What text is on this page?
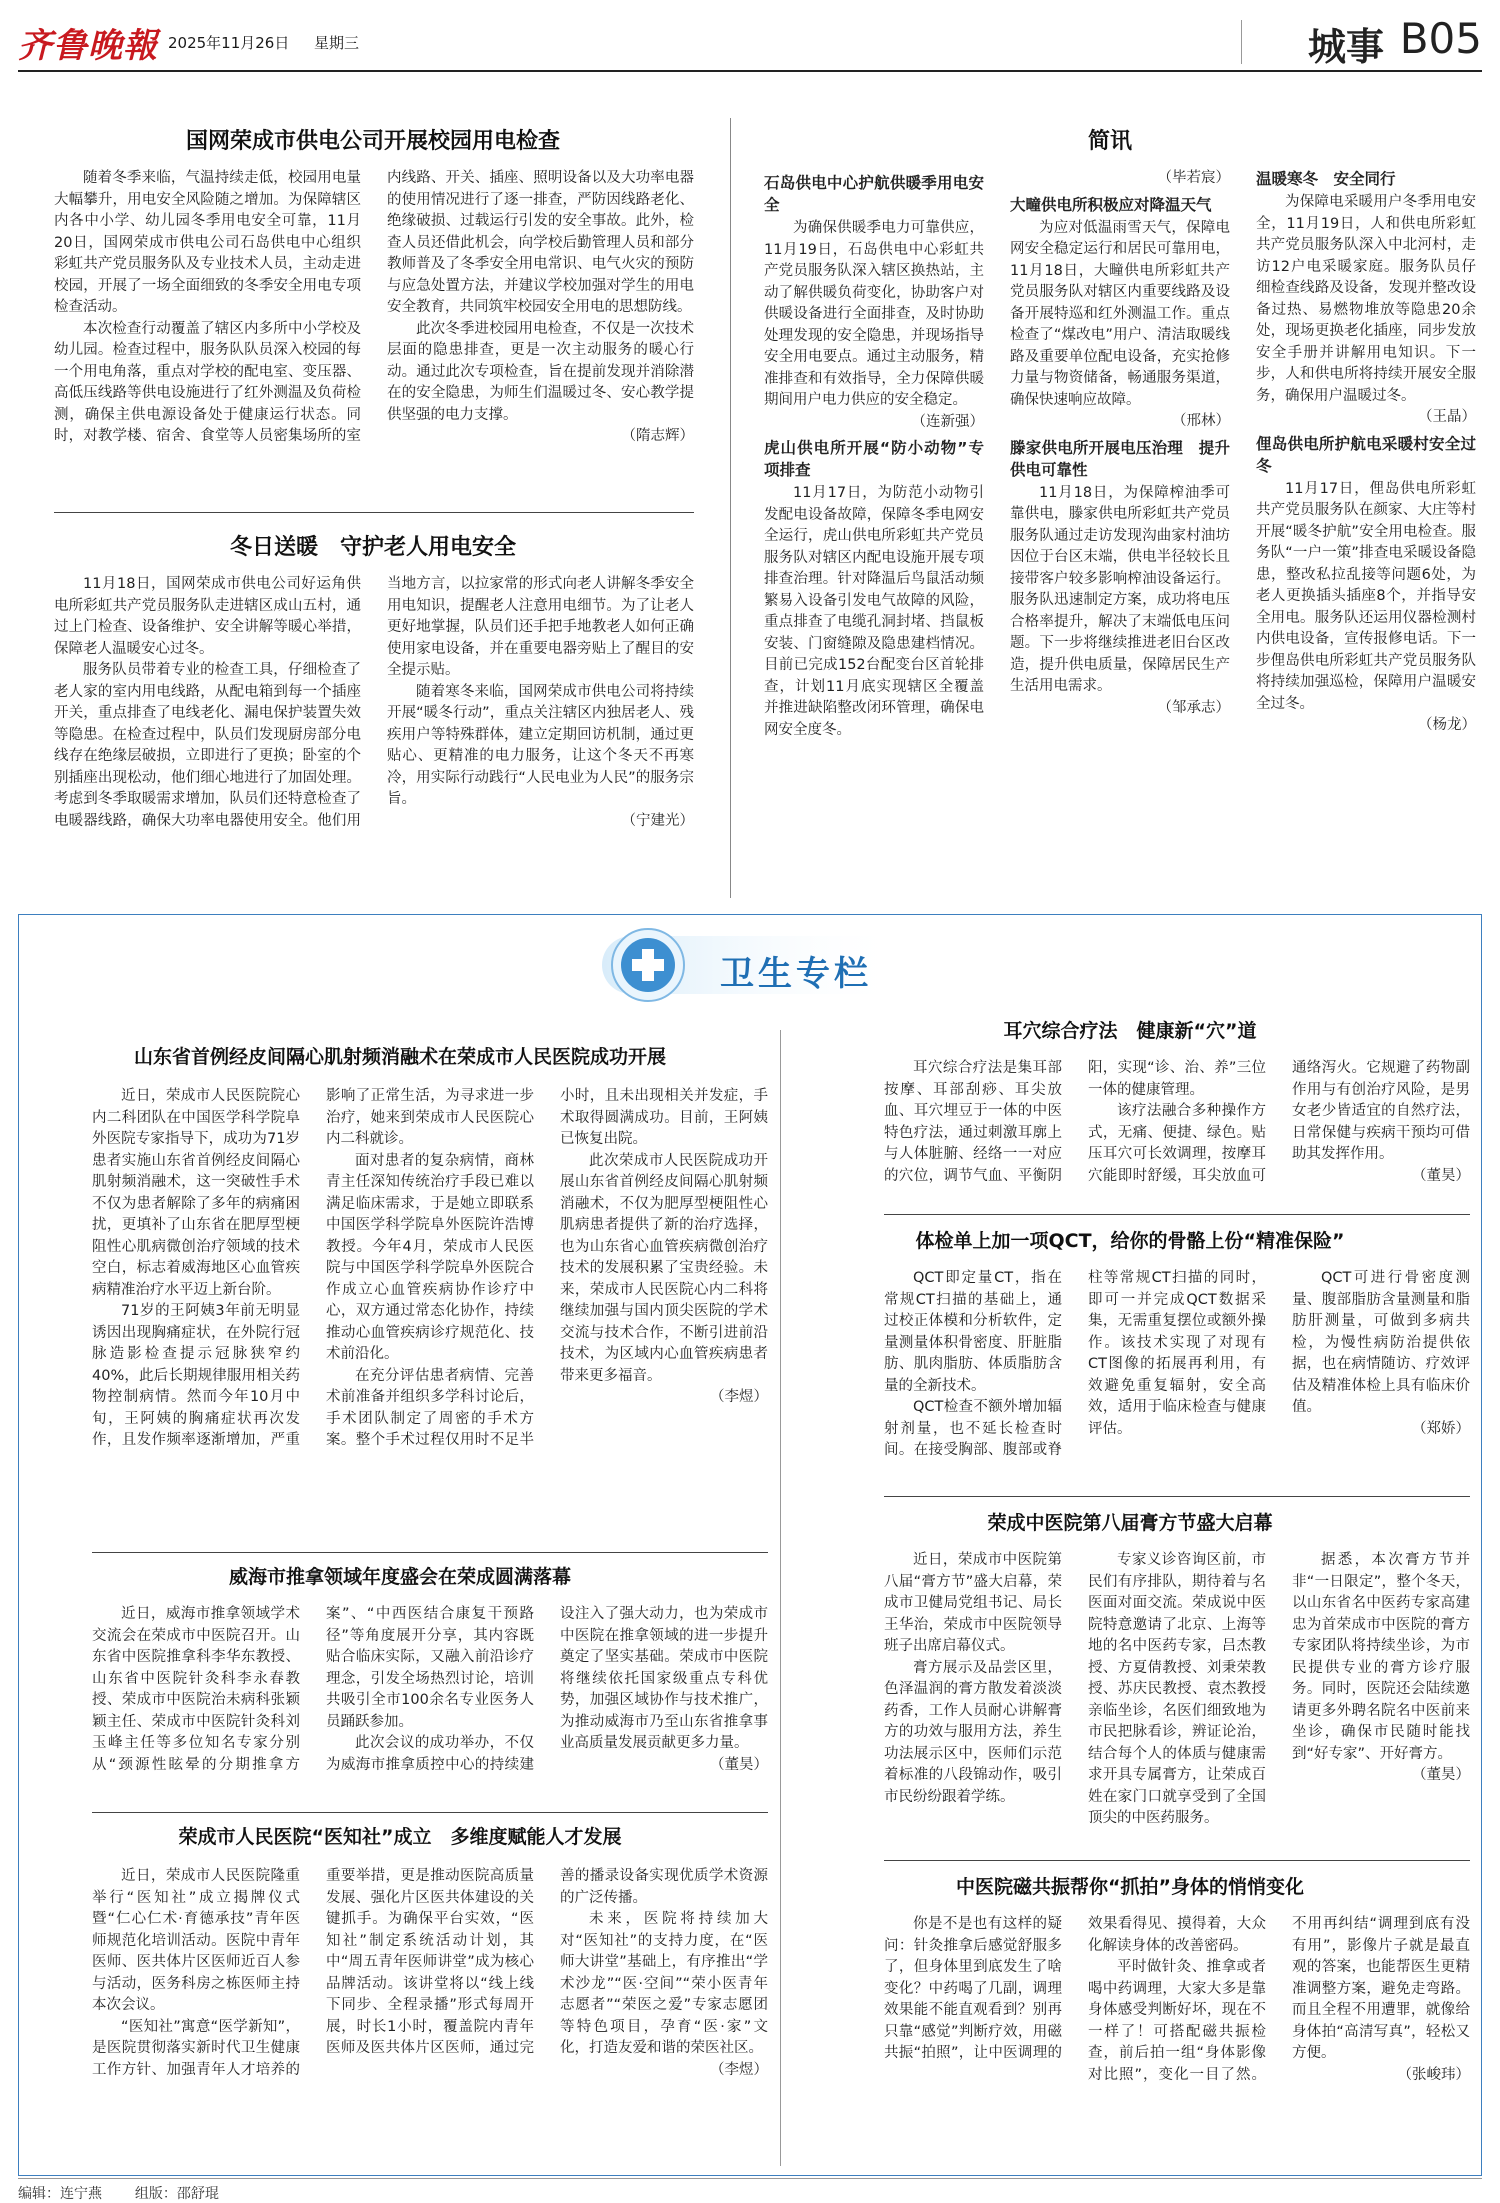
齐鲁晚報 2025年11月26日 星期三	城事 B05
国网荣成市供电公司开展校园用电检查

随着冬季来临，气温持续走低，校园用电量大幅攀升，用电安全风险随之增加。为保障辖区内各中小学、幼儿园冬季用电安全可靠，11月20日，国网荣成市供电公司石岛供电中心组织彩虹共产党员服务队及专业技术人员，主动走进校园，开展了一场全面细致的冬季安全用电专项检查活动。

本次检查行动覆盖了辖区内多所中小学校及幼儿园。检查过程中，服务队队员深入校园的每一个用电角落，重点对学校的配电室、变压器、高低压线路等供电设施进行了红外测温及负荷检测，确保主供电源设备处于健康运行状态。同时，对教学楼、宿舍、食堂等人员密集场所的室内线路、开关、插座、照明设备以及大功率电器的使用情况进行了逐一排查，严防因线路老化、绝缘破损、过载运行引发的安全事故。此外，检查人员还借此机会，向学校后勤管理人员和部分教师普及了冬季安全用电常识、电气火灾的预防与应急处置方法，并建议学校加强对学生的用电安全教育，共同筑牢校园安全用电的思想防线。

此次冬季进校园用电检查，不仅是一次技术层面的隐患排查，更是一次主动服务的暖心行动。通过此次专项检查，旨在提前发现并消除潜在的安全隐患，为师生们温暖过冬、安心教学提供坚强的电力支撑。

（隋志辉）
冬日送暖　守护老人用电安全

11月18日，国网荣成市供电公司好运角供电所彩虹共产党员服务队走进辖区成山五村，通过上门检查、设备维护、安全讲解等暖心举措，保障老人温暖安心过冬。

服务队员带着专业的检查工具，仔细检查了老人家的室内用电线路，从配电箱到每一个插座开关，重点排查了电线老化、漏电保护装置失效等隐患。在检查过程中，队员们发现厨房部分电线存在绝缘层破损，立即进行了更换；卧室的个别插座出现松动，他们细心地进行了加固处理。考虑到冬季取暖需求增加，队员们还特意检查了电暖器线路，确保大功率电器使用安全。他们用当地方言，以拉家常的形式向老人讲解冬季安全用电知识，提醒老人注意用电细节。为了让老人更好地掌握，队员们还手把手地教老人如何正确使用家电设备，并在重要电器旁贴上了醒目的安全提示贴。

随着寒冬来临，国网荣成市供电公司将持续开展“暖冬行动”，重点关注辖区内独居老人、残疾用户等特殊群体，建立定期回访机制，通过更贴心、更精准的电力服务，让这个冬天不再寒冷，用实际行动践行“人民电业为人民”的服务宗旨。

（宁建光）
简讯
石岛供电中心护航供暖季用电安全

为确保供暖季电力可靠供应，11月19日，石岛供电中心彩虹共产党员服务队深入辖区换热站，主动了解供暖负荷变化，协助客户对供暖设备进行全面排查，及时协助处理发现的安全隐患，并现场指导安全用电要点。通过主动服务，精准排查和有效指导，全力保障供暖期间用户电力供应的安全稳定。

（连新强）
虎山供电所开展“防小动物”专项排查

11月17日，为防范小动物引发配电设备故障，保障冬季电网安全运行，虎山供电所彩虹共产党员服务队对辖区内配电设施开展专项排查治理。针对降温后鸟鼠活动频繁易入设备引发电气故障的风险，重点排查了电缆孔洞封堵、挡鼠板安装、门窗缝隙及隐患建档情况。目前已完成152台配变台区首轮排查，计划11月底实现辖区全覆盖并推进缺陷整改闭环管理，确保电网安全度冬。

（毕若宸）
大疃供电所积极应对降温天气

为应对低温雨雪天气，保障电网安全稳定运行和居民可靠用电，11月18日，大疃供电所彩虹共产党员服务队对辖区内重要线路及设备开展特巡和红外测温工作。重点检查了“煤改电”用户、清洁取暖线路及重要单位配电设备，充实抢修力量与物资储备，畅通服务渠道，确保快速响应故障。

（邢林）
滕家供电所开展电压治理　提升供电可靠性

11月18日，为保障榨油季可靠供电，滕家供电所彩虹共产党员服务队通过走访发现沟曲家村油坊因位于台区末端，供电半径较长且接带客户较多影响榨油设备运行。服务队迅速制定方案，成功将电压合格率提升，解决了末端低电压问题。下一步将继续推进老旧台区改造，提升供电质量，保障居民生产生活用电需求。

（邹承志）
温暖寒冬　安全同行

为保障电采暖用户冬季用电安全，11月19日，人和供电所彩虹共产党员服务队深入中北河村，走访12户电采暖家庭。服务队员仔细检查线路及设备，发现并整改设备过热、易燃物堆放等隐患20余处，现场更换老化插座，同步发放安全手册并讲解用电知识。下一步，人和供电所将持续开展安全服务，确保用户温暖过冬。

（王晶）
俚岛供电所护航电采暖村安全过冬

11月17日，俚岛供电所彩虹共产党员服务队在颜家、大庄等村开展“暖冬护航”安全用电检查。服务队“一户一策”排查电采暖设备隐患，整改私拉乱接等问题6处，为老人更换插头插座8个，并指导安全用电。服务队还运用仪器检测村内供电设备，宣传报修电话。下一步俚岛供电所彩虹共产党员服务队将持续加强巡检，保障用户温暖安全过冬。

（杨龙）
卫生专栏
山东省首例经皮间隔心肌射频消融术在荣成市人民医院成功开展

近日，荣成市人民医院院心内二科团队在中国医学科学院阜外医院专家指导下，成功为71岁患者实施山东省首例经皮间隔心肌射频消融术，这一突破性手术不仅为患者解除了多年的病痛困扰，更填补了山东省在肥厚型梗阻性心肌病微创治疗领域的技术空白，标志着威海地区心血管疾病精准治疗水平迈上新台阶。

71岁的王阿姨3年前无明显诱因出现胸痛症状，在外院行冠脉造影检查提示冠脉狭窄约40%，此后长期规律服用相关药物控制病情。然而今年10月中旬，王阿姨的胸痛症状再次发作，且发作频率逐渐增加，严重影响了正常生活，为寻求进一步治疗，她来到荣成市人民医院心内二科就诊。

面对患者的复杂病情，商林青主任深知传统治疗手段已难以满足临床需求，于是她立即联系中国医学科学院阜外医院许浩博教授。今年4月，荣成市人民医院与中国医学科学院阜外医院合作成立心血管疾病协作诊疗中心，双方通过常态化协作，持续推动心血管疾病诊疗规范化、技术前沿化。

在充分评估患者病情、完善术前准备并组织多学科讨论后，手术团队制定了周密的手术方案。整个手术过程仅用时不足半小时，且未出现相关并发症，手术取得圆满成功。目前，王阿姨已恢复出院。

此次荣成市人民医院成功开展山东省首例经皮间隔心肌射频消融术，不仅为肥厚型梗阻性心肌病患者提供了新的治疗选择，也为山东省心血管疾病微创治疗技术的发展积累了宝贵经验。未来，荣成市人民医院心内二科将继续加强与国内顶尖医院的学术交流与技术合作，不断引进前沿技术，为区域内心血管疾病患者带来更多福音。

（李煜）
威海市推拿领域年度盛会在荣成圆满落幕

近日，威海市推拿领域学术交流会在荣成市中医院召开。山东省中医院推拿科李华东教授、山东省中医院针灸科李永春教授、荣成市中医院治未病科张颖颖主任、荣成市中医院针灸科刘玉峰主任等多位知名专家分别从“颈源性眩晕的分期推拿方案”、“中西医结合康复干预路径”等角度展开分享，其内容既贴合临床实际，又融入前沿诊疗理念，引发全场热烈讨论，培训共吸引全市100余名专业医务人员踊跃参加。

此次会议的成功举办，不仅为威海市推拿质控中心的持续建设注入了强大动力，也为荣成市中医院在推拿领域的进一步提升奠定了坚实基础。荣成市中医院将继续依托国家级重点专科优势，加强区域协作与技术推广，为推动威海市乃至山东省推拿事业高质量发展贡献更多力量。

（董昊）
荣成市人民医院“医知社”成立　多维度赋能人才发展

近日，荣成市人民医院隆重举行“医知社”成立揭牌仪式暨“仁心仁术·育德承技”青年医师规范化培训活动。医院中青年医师、医共体片区医师近百人参与活动，医务科房之栋医师主持本次会议。

“医知社”寓意“医学新知”，是医院贯彻落实新时代卫生健康工作方针、加强青年人才培养的重要举措，更是推动医院高质量发展、强化片区医共体建设的关键抓手。为确保平台实效，“医知社”制定系统活动计划，其中“周五青年医师讲堂”成为核心品牌活动。该讲堂将以“线上线下同步、全程录播”形式每周开展，时长1小时，覆盖院内青年医师及医共体片区医师，通过完善的播录设备实现优质学术资源的广泛传播。

未来，医院将持续加大对“医知社”的支持力度，在“医师大讲堂”基础上，有序推出“学术沙龙”“医·空间”“荣小医青年志愿者”“荣医之爱”专家志愿团等特色项目，孕育“医·家”文化，打造友爱和谐的荣医社区。

（李煜）
耳穴综合疗法　健康新“穴”道

耳穴综合疗法是集耳部按摩、耳部刮痧、耳尖放血、耳穴埋豆于一体的中医特色疗法，通过刺激耳廓上与人体脏腑、经络一一对应的穴位，调节气血、平衡阴阳，实现“诊、治、养”三位一体的健康管理。

该疗法融合多种操作方式，无痛、便捷、绿色。贴压耳穴可长效调理，按摩耳穴能即时舒缓，耳尖放血可通络泻火。它规避了药物副作用与有创治疗风险，是男女老少皆适宜的自然疗法，日常保健与疾病干预均可借助其发挥作用。

（董昊）
体检单上加一项QCT，给你的骨骼上份“精准保险”

QCT即定量CT，指在常规CT扫描的基础上，通过校正体模和分析软件，定量测量体积骨密度、肝脏脂肪、肌肉脂肪、体质脂肪含量的全新技术。

QCT检查不额外增加辐射剂量，也不延长检查时间。在接受胸部、腹部或脊柱等常规CT扫描的同时，即可一并完成QCT数据采集，无需重复摆位或额外操作。该技术实现了对现有CT图像的拓展再利用，有效避免重复辐射，安全高效，适用于临床检查与健康评估。

QCT可进行骨密度测量、腹部脂肪含量测量和脂肪肝测量，可做到多病共检，为慢性病防治提供依据，也在病情随访、疗效评估及精准体检上具有临床价值。

（郑娇）
荣成中医院第八届膏方节盛大启幕

近日，荣成市中医院第八届“膏方节”盛大启幕，荣成市卫健局党组书记、局长王华治，荣成市中医院领导班子出席启幕仪式。

膏方展示及品尝区里，色泽温润的膏方散发着淡淡药香，工作人员耐心讲解膏方的功效与服用方法，养生功法展示区中，医师们示范着标准的八段锦动作，吸引市民纷纷跟着学练。

专家义诊咨询区前，市民们有序排队，期待着与名医面对面交流。荣成说中医院特意邀请了北京、上海等地的名中医药专家，吕杰教授、方夏倩教授、刘秉荣教授、苏庆民教授、袁杰教授亲临坐诊，名医们细致地为市民把脉看诊，辨证论治，结合每个人的体质与健康需求开具专属膏方，让荣成百姓在家门口就享受到了全国顶尖的中医药服务。

据悉，本次膏方节并非“一日限定”，整个冬天，以山东省名中医药专家高建忠为首荣成市中医院的膏方专家团队将持续坐诊，为市民提供专业的膏方诊疗服务。同时，医院还会陆续邀请更多外聘名院名中医前来坐诊，确保市民随时能找到“好专家”、开好膏方。

（董昊）
中医院磁共振帮你“抓拍”身体的悄悄变化

你是不是也有这样的疑问：针灸推拿后感觉舒服多了，但身体里到底发生了啥变化？中药喝了几副，调理效果能不能直观看到？别再只靠“感觉”判断疗效，用磁共振“拍照”，让中医调理的效果看得见、摸得着，大众化解读身体的改善密码。

平时做针灸、推拿或者喝中药调理，大家大多是靠身体感受判断好坏，现在不一样了！可搭配磁共振检查，前后拍一组“身体影像对比照”，变化一目了然。不用再纠结“调理到底有没有用”，影像片子就是最直观的答案，也能帮医生更精准调整方案，避免走弯路。而且全程不用遭罪，就像给身体拍“高清写真”，轻松又方便。

（张峻玮）
编辑：连宁燕 组版：邵舒琨
